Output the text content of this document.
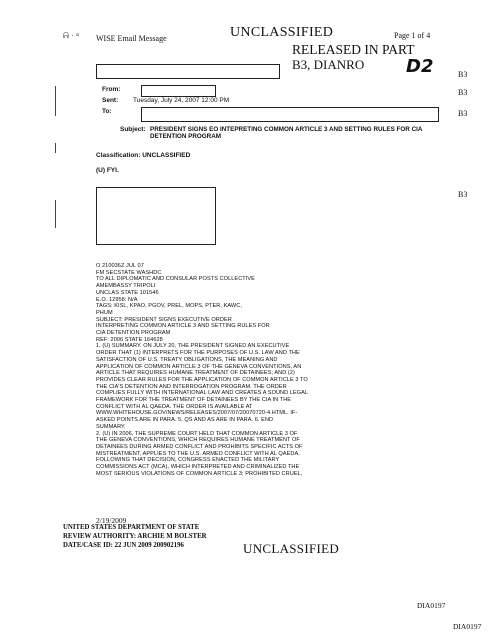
ᕱ · ᵃ WISE Email Message	UNCLASSIFIED	Page 1 of 4
RELEASED IN PART
B3, DIANRO D2	B3
B3
B3
B3
From:
Sent: Tuesday, July 24, 2007 12:00 PM
To:
Subject: PRESIDENT SIGNS EO INTEPRETING COMMON ARTICLE 3 AND SETTING RULES FOR CIA
DETENTION PROGRAM
Classification: UNCLASSIFIED
(U) FYI.
O 210036Z JUL 07
FM SECSTATE WASHDC
TO ALL DIPLOMATIC AND CONSULAR POSTS COLLECTIVE
AMEMBASSY TRIPOLI
UNCLAS STATE 101546
E.O. 12958: N/A
TAGS: KISL, KPAO, PGOV, PREL, MOPS, PTER, KAWC,
PHUM
SUBJECT: PRESIDENT SIGNS EXECUTIVE ORDER
INTERPRETING COMMON ARTICLE 3 AND SETTING RULES FOR
CIA DETENTION PROGRAM
REF: 2006 STATE 164628
1. (U) SUMMARY. ON JULY 20, THE PRESIDENT SIGNED AN EXECUTIVE
ORDER THAT (1) INTERPRETS FOR THE PURPOSES OF U.S. LAW AND THE
SATISFACTION OF U.S. TREATY OBLIGATIONS, THE MEANING AND
APPLICATION OF COMMON ARTICLE 3 OF THE GENEVA CONVENTIONS, AN
ARTICLE THAT REQUIRES HUMANE TREATMENT OF DETAINEES; AND (2)
PROVIDES CLEAR RULES FOR THE APPLICATION OF COMMON ARTICLE 3 TO
THE CIA'S DETENTION AND INTERROGATION PROGRAM. THE ORDER
COMPLIES FULLY WITH INTERNATIONAL LAW AND CREATES A SOUND LEGAL
FRAMEWORK FOR THE TREATMENT OF DETAINEES BY THE CIA IN THE
CONFLICT WITH AL QAEDA. THE ORDER IS AVAILABLE AT
WWW.WHITEHOUSE.GOV/NEWS/RELEASES/2007/07/20070720-4.HTML. IF-
ASKED POINTS ARE IN PARA. 5. QS AND AS ARE IN PARA. 6. END
SUMMARY.
2. (U) IN 2006, THE SUPREME COURT HELD THAT COMMON ARTICLE 3 OF
THE GENEVA CONVENTIONS, WHICH REQUIRES HUMANE TREATMENT OF
DETAINEES DURING ARMED CONFLICT AND PROHIBITS SPECIFIC ACTS OF
MISTREATMENT, APPLIES TO THE U.S. ARMED CONFLICT WITH AL QAEDA.
FOLLOWING THAT DECISION, CONGRESS ENACTED THE MILITARY
COMMISSIONS ACT (MCA), WHICH INTERPRETED AND CRIMINALIZED THE
MOST SERIOUS VIOLATIONS OF COMMON ARTICLE 3; PROHIBITED CRUEL,
2/19/2009
UNITED STATES DEPARTMENT OF STATE
REVIEW AUTHORITY: ARCHIE M BOLSTER
DATE/CASE ID: 22 JUN 2009 200902196	UNCLASSIFIED
DIA0197
DIA0197
